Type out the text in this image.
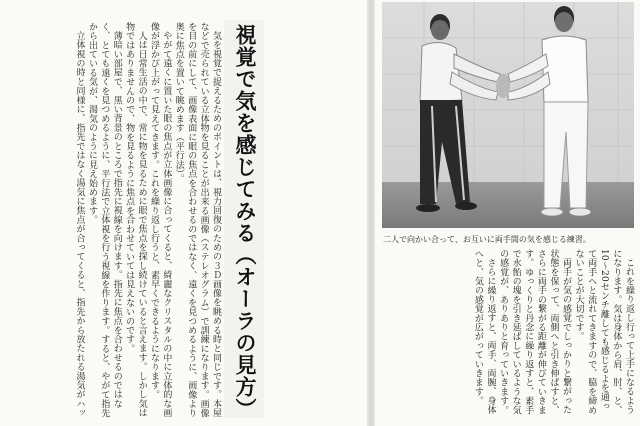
気を視覚で捉えるためのポイントは、視力回復のための３Ｄ画像を眺める時と同じです。本屋などで売られている立体物を見ることが出来る画像（ステレオグラム）で訓練になります。画像を目の前にして、画像表面に眼の焦点を合わせるのではなく、遠くを見つめるように、画像より奥に焦点を置いて眺めます（平行法）。

やがて遠くに置いた眼の焦点が立体画像に合ってくると、綺麗なクリスタルの中に立体的な画像が浮かび上がって見えてきます。これを繰り返し行うと、素早くできるようになります。

人は日常生活の中で、常に物を見るために眼で焦点を探し続けていると言えます。しかし気は物ではありませんので、物を見るように焦点を合わせていては見えないのです。

薄暗い部屋で、黒い背景のところで指先に視線を向けます。指先に焦点を合わせるのではなく、とても遠くを見つめるように、平行法で立体視を行う視線を作ります。すると、やがて指先から出ている気が、湯気のように見え始めます。

立体視の時と同様に、指先ではなく湯気に焦点が合ってくると、指先から放たれる湯気がハッ	視覚で気を感じてみる（オーラの見方）	二人で向かい合って、お互いに両手間の気を感じる練習。

これを繰り返し行って上手になるようになります。気は身体から肩、肘、と、10～20センチ離しても感じるよを通って両手へと流れてきますので、脇を締めないことが大切です。

両手が気の感覚でしっかりと繋がった状態を保って、両側へと引き伸ばすと、さらに両手の繋がる距離が伸びていきます。ゆっくりと丹念に繰り返すと、素手で水飴の塊を引き延ばしているような気の感覚が、ありありと育っていきます。

さらに繰り返すと、両手、両腕、身体へと、気の感覚が広がっていきます。
